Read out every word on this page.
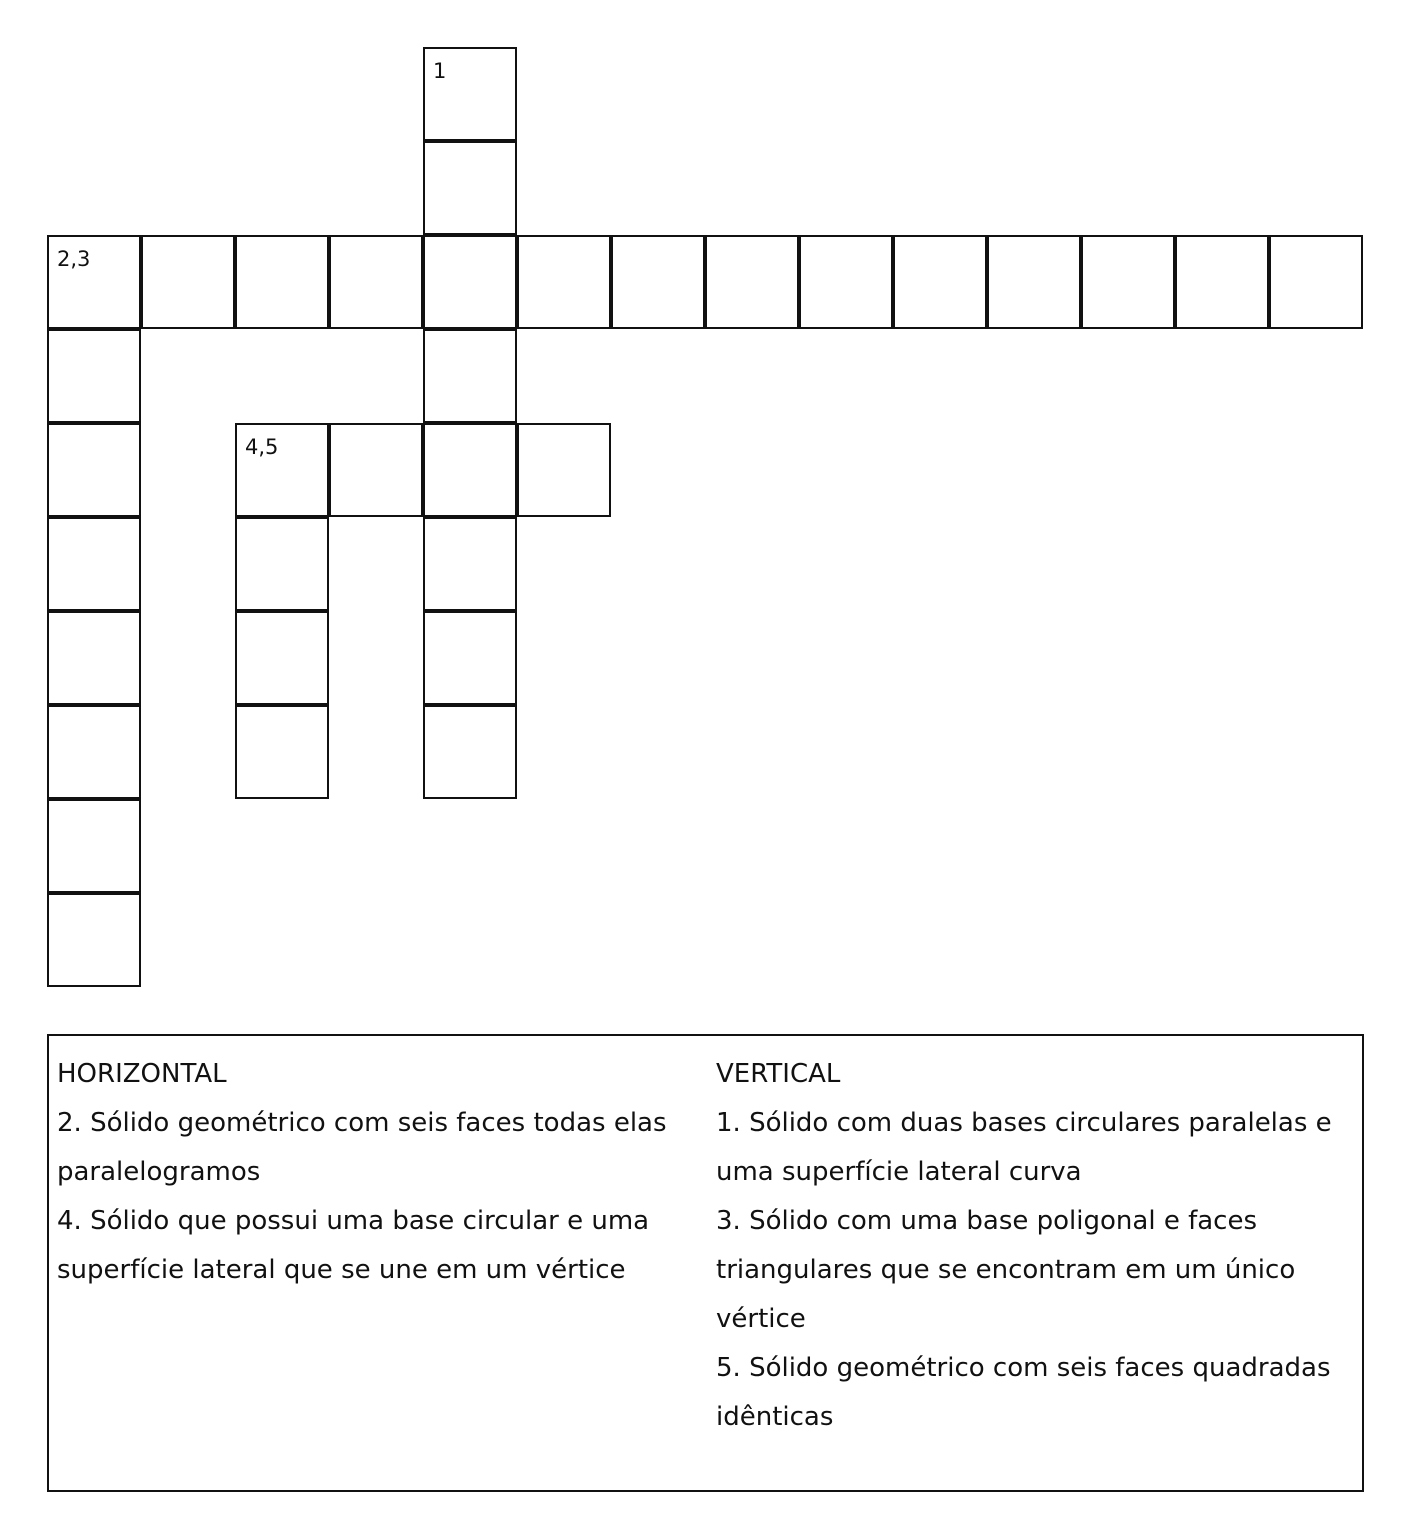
1
2,3
4,5
HORIZONTAL
2. Sólido geométrico com seis faces todas elas paralelogramos
4. Sólido que possui uma base circular e uma superfície lateral que se une em um vértice
VERTICAL
1. Sólido com duas bases circulares paralelas e uma superfície lateral curva
3. Sólido com uma base poligonal e faces triangulares que se encontram em um único vértice
5. Sólido geométrico com seis faces quadradas idênticas
